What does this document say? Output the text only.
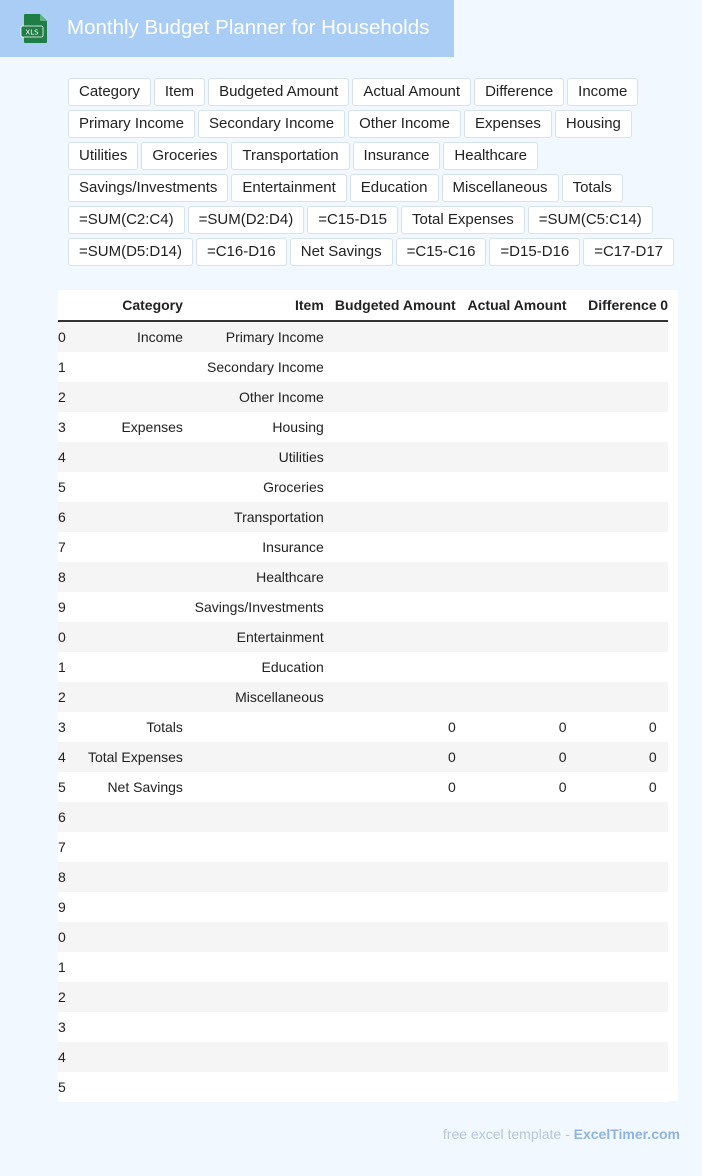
XLS Monthly Budget Planner for Households
Category	Item	Budgeted Amount	Actual Amount	Difference	Income
Primary Income	Secondary Income	Other Income	Expenses	Housing
Utilities	Groceries	Transportation	Insurance	Healthcare
Savings/Investments	Entertainment	Education	Miscellaneous	Totals
=SUM(C2:C4)	=SUM(D2:D4)	=C15-D15	Total Expenses	=SUM(C5:C14)
=SUM(D5:D14)	=C16-D16	Net Savings	=C15-C16	=D15-D16	=C17-D17
	Category	Item	Budgeted Amount	Actual Amount	Difference	0
0	Income	Primary Income				
1		Secondary Income				
2		Other Income				
3	Expenses	Housing				
4		Utilities				
5		Groceries				
6		Transportation				
7		Insurance				
8		Healthcare				
9		Savings/Investments				
0		Entertainment				
1		Education				
2		Miscellaneous				
3	Totals		0	0	0	
4	Total Expenses		0	0	0	
5	Net Savings		0	0	0	
6						
7						
8						
9						
0						
1						
2						
3						
4						
5						
free excel template - ExcelTimer.com
